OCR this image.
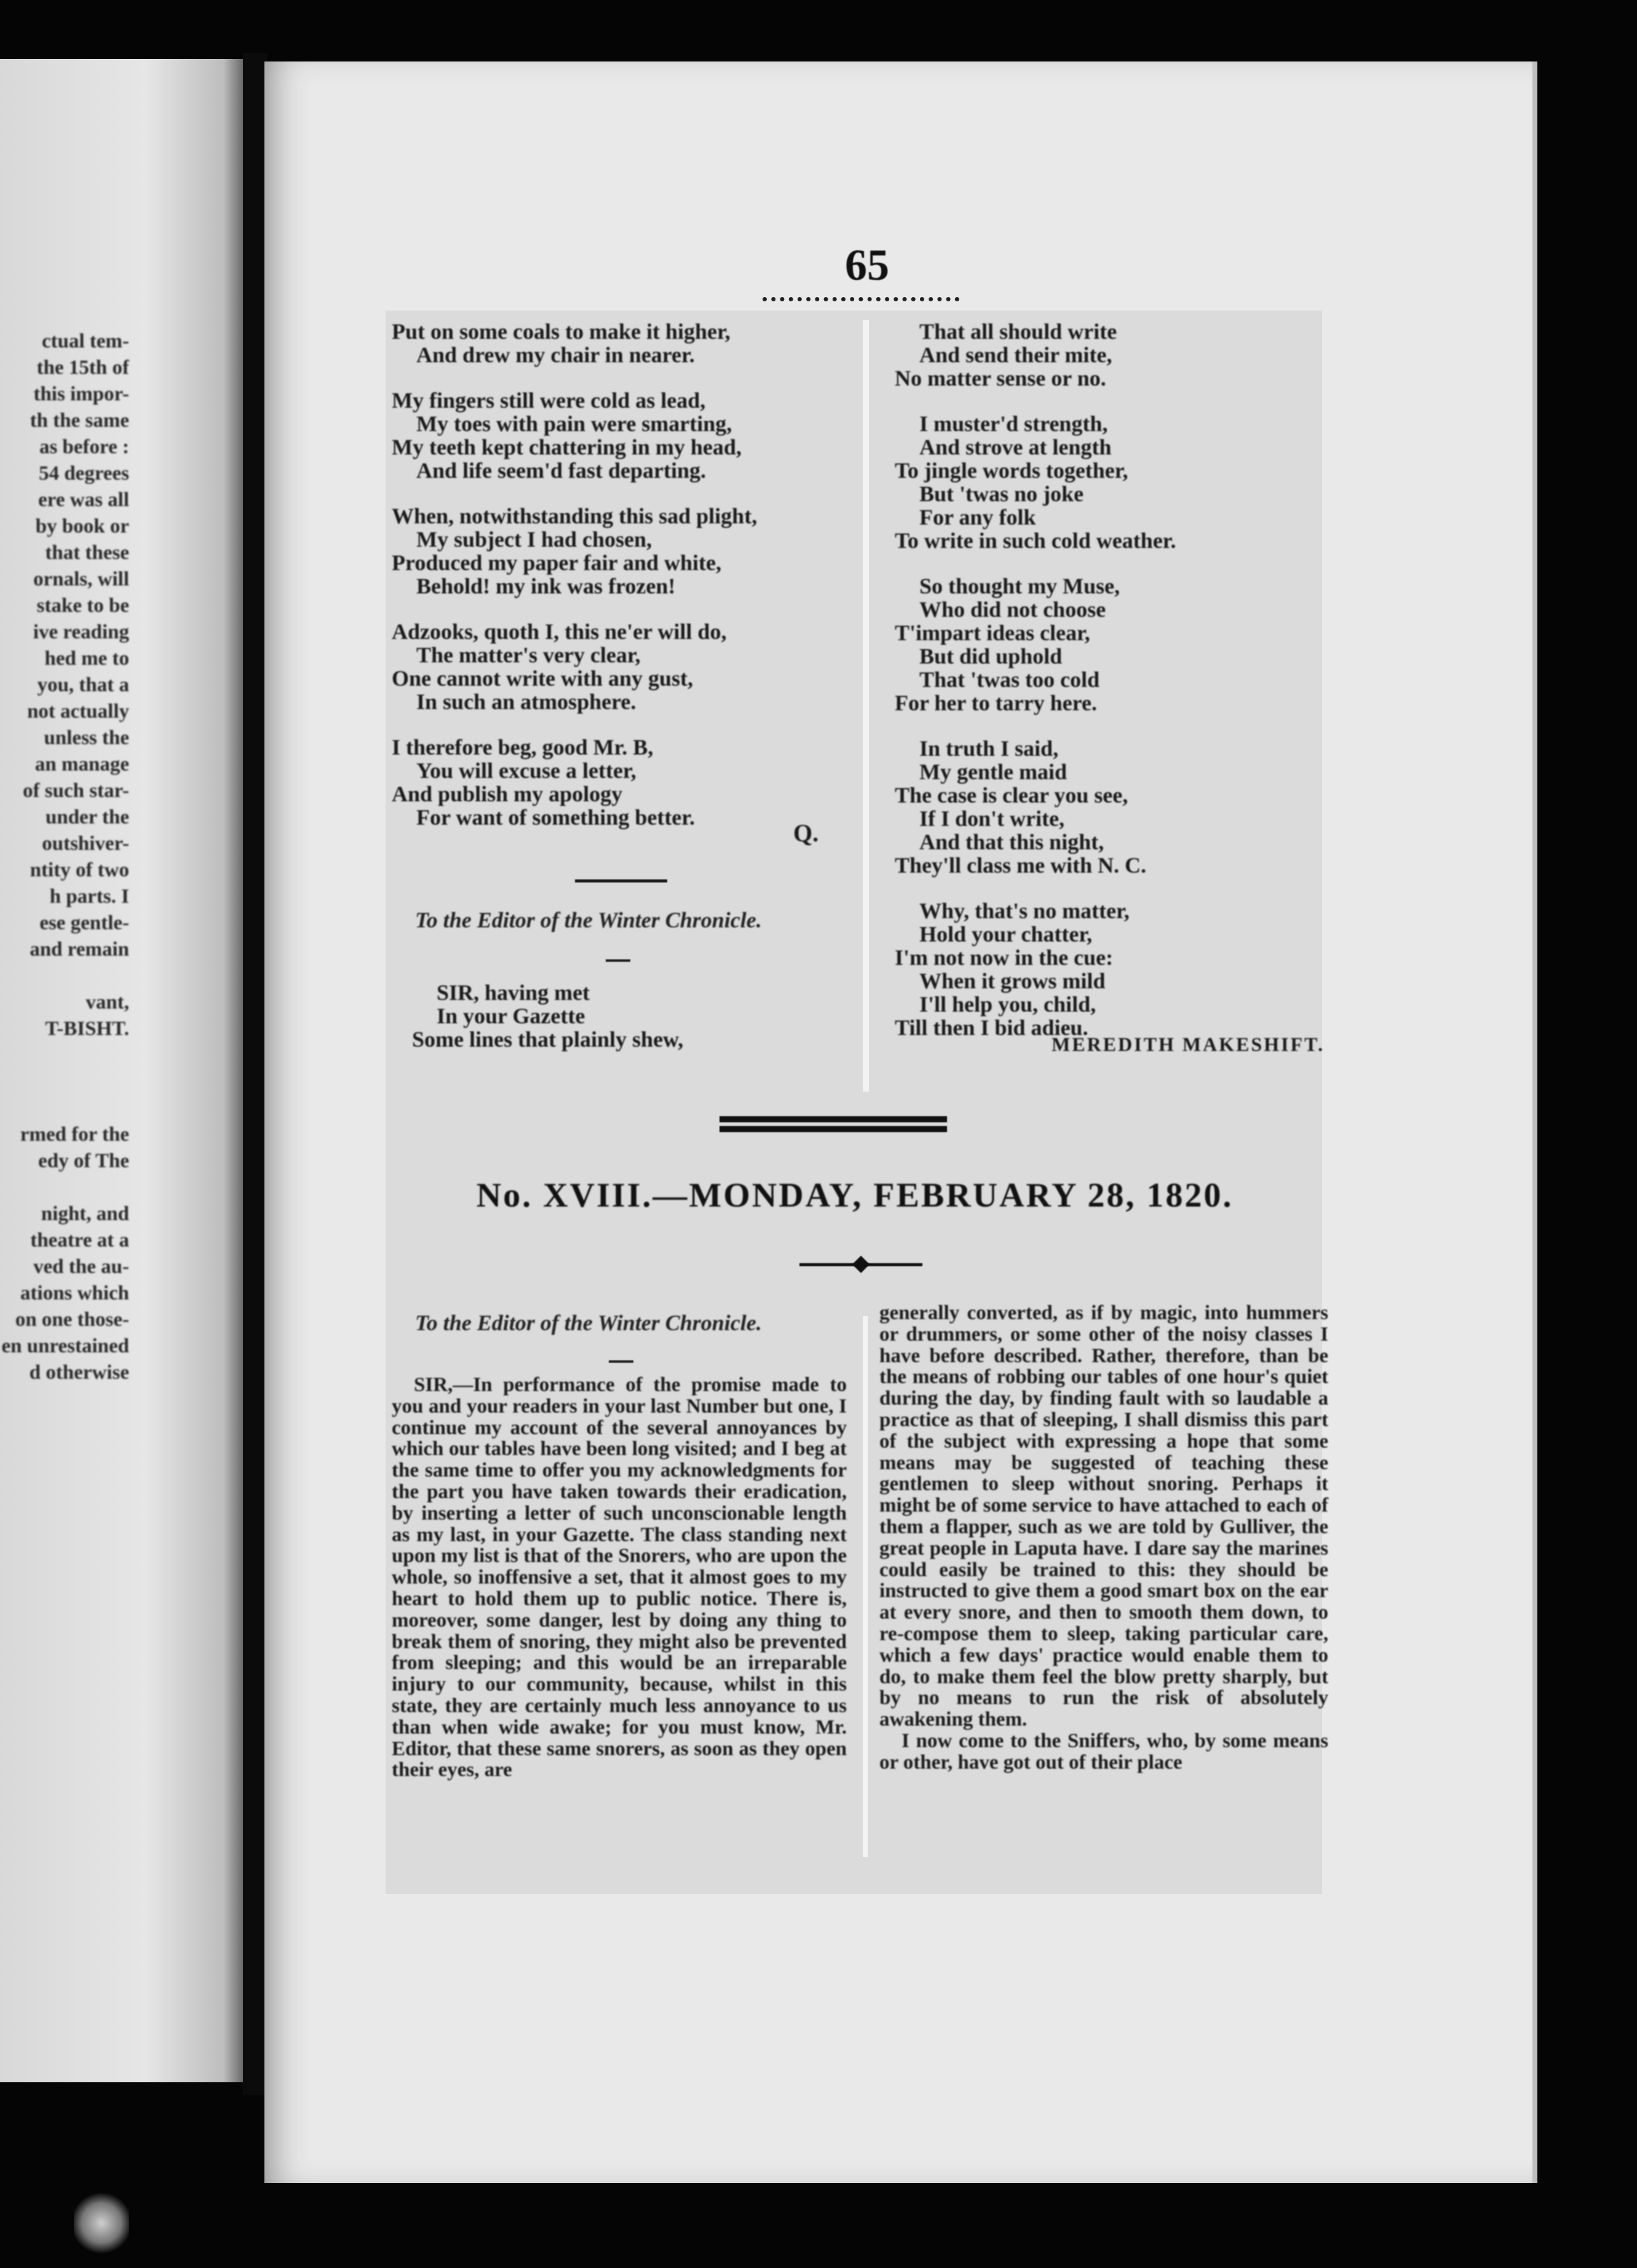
ctual tem-
the 15th of
this impor-
th the same
as before :
54 degrees
ere was all
by book or
that these
ornals, will
stake to be
ive reading
hed me to
you, that a
not actually
unless the
an manage
of such star-
under the
outshiver-
ntity of two
h parts. I
ese gentle-
and remain
vant,
T-BISHT.
rmed for the
edy of The
night, and
theatre at a
ved the au-
ations which
on one those-
en unrestained
d otherwise
65
Put on some coals to make it higher,
And drew my chair in nearer.
My fingers still were cold as lead,
My toes with pain were smarting,
My teeth kept chattering in my head,
And life seem'd fast departing.
When, notwithstanding this sad plight,
My subject I had chosen,
Produced my paper fair and white,
Behold! my ink was frozen!
Adzooks, quoth I, this ne'er will do,
The matter's very clear,
One cannot write with any gust,
In such an atmosphere.
I therefore beg, good Mr. B,
You will excuse a letter,
And publish my apology
For want of something better.
Q.
To the Editor of the Winter Chronicle.
SIR, having met
In your Gazette
Some lines that plainly shew,
That all should write
And send their mite,
No matter sense or no.
I muster'd strength,
And strove at length
To jingle words together,
But 'twas no joke
For any folk
To write in such cold weather.
So thought my Muse,
Who did not choose
T'impart ideas clear,
But did uphold
That 'twas too cold
For her to tarry here.
In truth I said,
My gentle maid
The case is clear you see,
If I don't write,
And that this night,
They'll class me with N. C.
Why, that's no matter,
Hold your chatter,
I'm not now in the cue:
When it grows mild
I'll help you, child,
Till then I bid adieu.
MEREDITH MAKESHIFT.
No. XVIII.—MONDAY, FEBRUARY 28, 1820.
To the Editor of the Winter Chronicle.

SIR,—In performance of the promise made to you and your readers in your last Number but one, I continue my account of the several annoyances by which our tables have been long visited; and I beg at the same time to offer you my acknowledgments for the part you have taken towards their eradication, by inserting a letter of such unconscionable length as my last, in your Gazette. The class standing next upon my list is that of the Snorers, who are upon the whole, so inoffensive a set, that it almost goes to my heart to hold them up to public notice. There is, moreover, some danger, lest by doing any thing to break them of snoring, they might also be prevented from sleeping; and this would be an irreparable injury to our community, because, whilst in this state, they are certainly much less annoyance to us than when wide awake; for you must know, Mr. Editor, that these same snorers, as soon as they open their eyes, are

generally converted, as if by magic, into hummers or drummers, or some other of the noisy classes I have before described. Rather, therefore, than be the means of robbing our tables of one hour's quiet during the day, by finding fault with so laudable a practice as that of sleeping, I shall dismiss this part of the subject with expressing a hope that some means may be suggested of teaching these gentlemen to sleep without snoring. Perhaps it might be of some service to have attached to each of them a flapper, such as we are told by Gulliver, the great people in Laputa have. I dare say the marines could easily be trained to this: they should be instructed to give them a good smart box on the ear at every snore, and then to smooth them down, to re-compose them to sleep, taking particular care, which a few days' practice would enable them to do, to make them feel the blow pretty sharply, but by no means to run the risk of absolutely awakening them.

I now come to the Sniffers, who, by some means or other, have got out of their place
